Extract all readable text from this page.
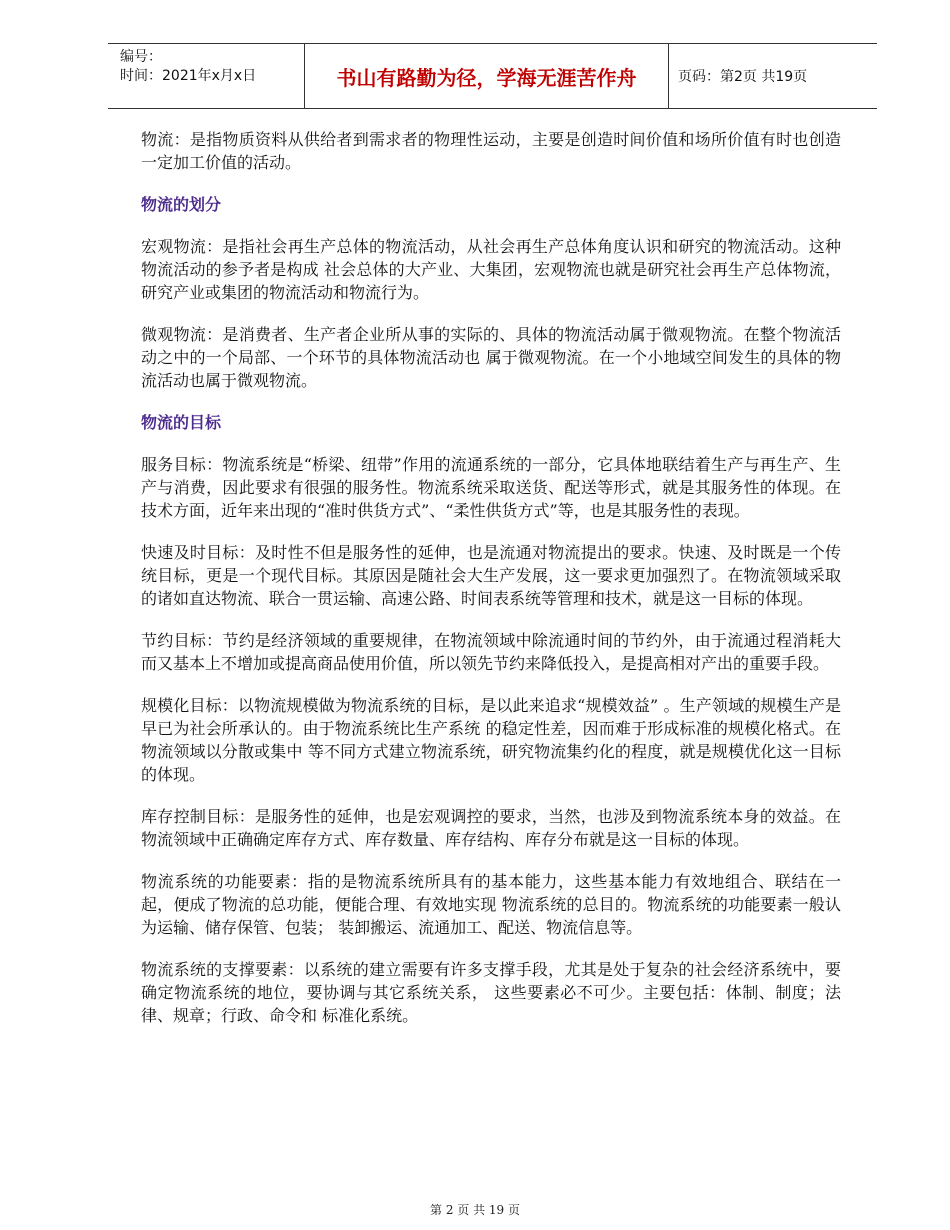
编号：
时间：2021年x月x日	书山有路勤为径，学海无涯苦作舟	页码：第2页 共19页

物流：是指物质资料从供给者到需求者的物理性运动，主要是创造时间价值和场所价值有时也创造一定加工价值的活动。

物流的划分

宏观物流：是指社会再生产总体的物流活动，从社会再生产总体角度认识和研究的物流活动。这种物流活动的参予者是构成 社会总体的大产业、大集团，宏观物流也就是研究社会再生产总体物流， 研究产业或集团的物流活动和物流行为。

微观物流：是消费者、生产者企业所从事的实际的、具体的物流活动属于微观物流。在整个物流活动之中的一个局部、一个环节的具体物流活动也 属于微观物流。在一个小地域空间发生的具体的物流活动也属于微观物流。

物流的目标

服务目标：物流系统是“桥梁、纽带”作用的流通系统的一部分，它具体地联结着生产与再生产、生产与消费，因此要求有很强的服务性。物流系统采取送货、配送等形式，就是其服务性的体现。在技术方面，近年来出现的“准时供货方式”、“柔性供货方式”等，也是其服务性的表现。

快速及时目标：及时性不但是服务性的延伸，也是流通对物流提出的要求。快速、及时既是一个传统目标，更是一个现代目标。其原因是随社会大生产发展，这一要求更加强烈了。在物流领域采取的诸如直达物流、联合一贯运输、高速公路、时间表系统等管理和技术，就是这一目标的体现。

节约目标：节约是经济领域的重要规律，在物流领域中除流通时间的节约外，由于流通过程消耗大而又基本上不增加或提高商品使用价值，所以领先节约来降低投入，是提高相对产出的重要手段。

规模化目标：以物流规模做为物流系统的目标，是以此来追求“规模效益” 。生产领域的规模生产是早已为社会所承认的。由于物流系统比生产系统 的稳定性差，因而难于形成标准的规模化格式。在物流领域以分散或集中 等不同方式建立物流系统，研究物流集约化的程度，就是规模优化这一目标的体现。

库存控制目标：是服务性的延伸，也是宏观调控的要求，当然，也涉及到物流系统本身的效益。在物流领域中正确确定库存方式、库存数量、库存结构、库存分布就是这一目标的体现。

物流系统的功能要素：指的是物流系统所具有的基本能力，这些基本能力有效地组合、联结在一起，便成了物流的总功能，便能合理、有效地实现 物流系统的总目的。物流系统的功能要素一般认为运输、储存保管、包装； 装卸搬运、流通加工、配送、物流信息等。

物流系统的支撑要素：以系统的建立需要有许多支撑手段，尤其是处于复杂的社会经济系统中，要确定物流系统的地位，要协调与其它系统关系， 这些要素必不可少。主要包括：体制、制度；法律、规章；行政、命令和 标准化系统。

第 2 页 共 19 页
